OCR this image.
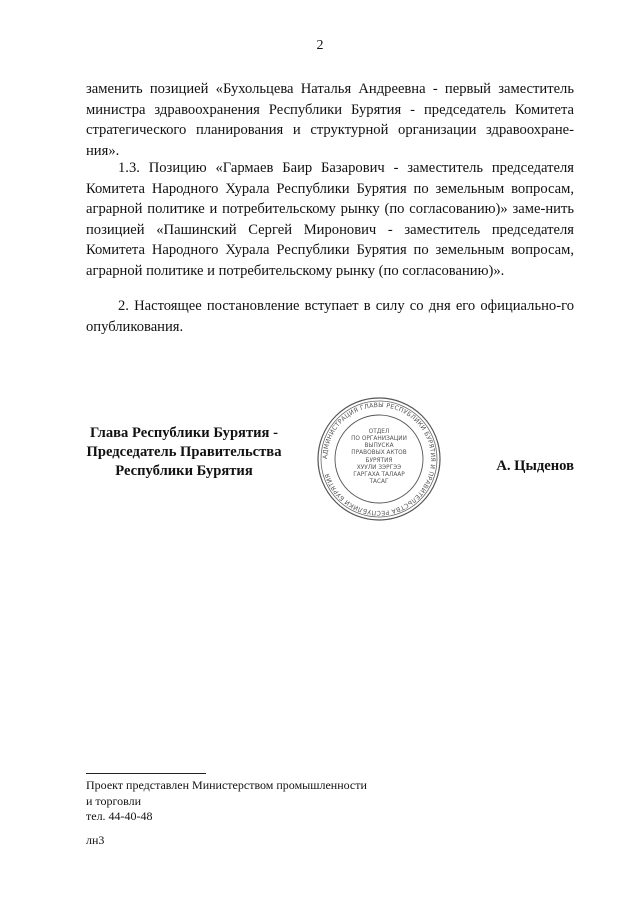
2
заменить позицией «Бухольцева Наталья Андреевна - первый заместитель министра здравоохранения Республики Бурятия - председатель Комитета стратегического планирования и структурной организации здравоохране-ния».
1.3. Позицию «Гармаев Баир Базарович - заместитель председателя Комитета Народного Хурала Республики Бурятия по земельным вопросам, аграрной политике и потребительскому рынку (по согласованию)» заме-нить позицией «Пашинский Сергей Миронович - заместитель председателя Комитета Народного Хурала Республики Бурятия по земельным вопросам, аграрной политике и потребительскому рынку (по согласованию)».
2. Настоящее постановление вступает в силу со дня его официально-го опубликования.
Глава Республики Бурятия -
Председатель Правительства
Республики Бурятия
АДМИНИСТРАЦИЯ ГЛАВЫ РЕСПУБЛИКИ БУРЯТИЯ И ПРАВИТЕЛЬСТВА РЕСПУБЛИКИ БУРЯТИЯ
ОТДЕЛ
ПО ОРГАНИЗАЦИИ
ВЫПУСКА
ПРАВОВЫХ АКТОВ
БУРЯТИЯ
ХУУЛИ ЗЭРГЭЭ
ГАРГАХА ТАЛААР
ТАСАГ
А. Цыденов
Проект представлен Министерством промышленности
и торговли
тел. 44-40-48
лн3
